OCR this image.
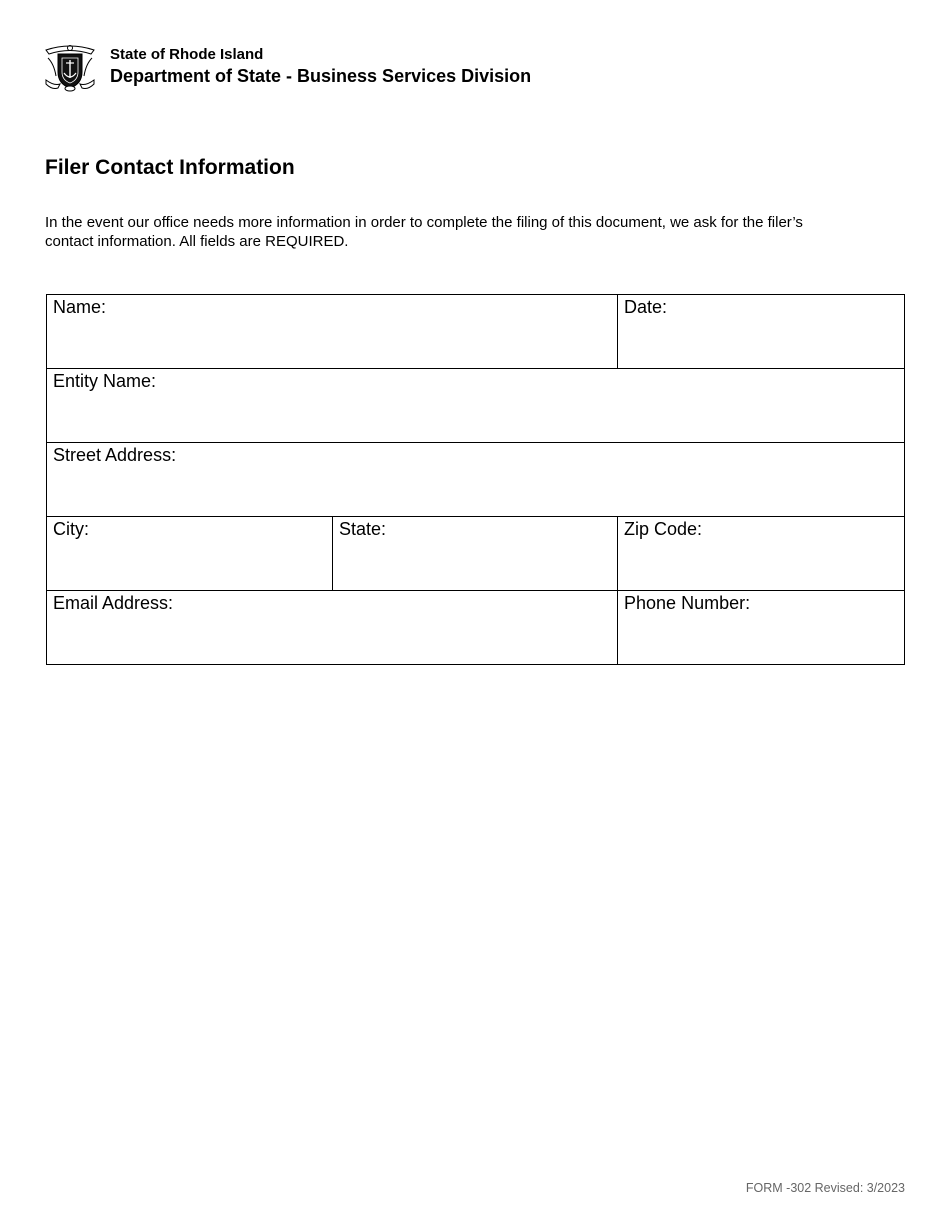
State of Rhode Island
Department of State - Business Services Division
Filer Contact Information

In the event our office needs more information in order to complete the filing of this document, we ask for the filer’s contact information. All fields are REQUIRED.

Name:		Date:

Entity Name:		

Street Address:		

City:	State:	Zip Code:

Email Address:		Phone Number:
FORM -302 Revised: 3/2023
